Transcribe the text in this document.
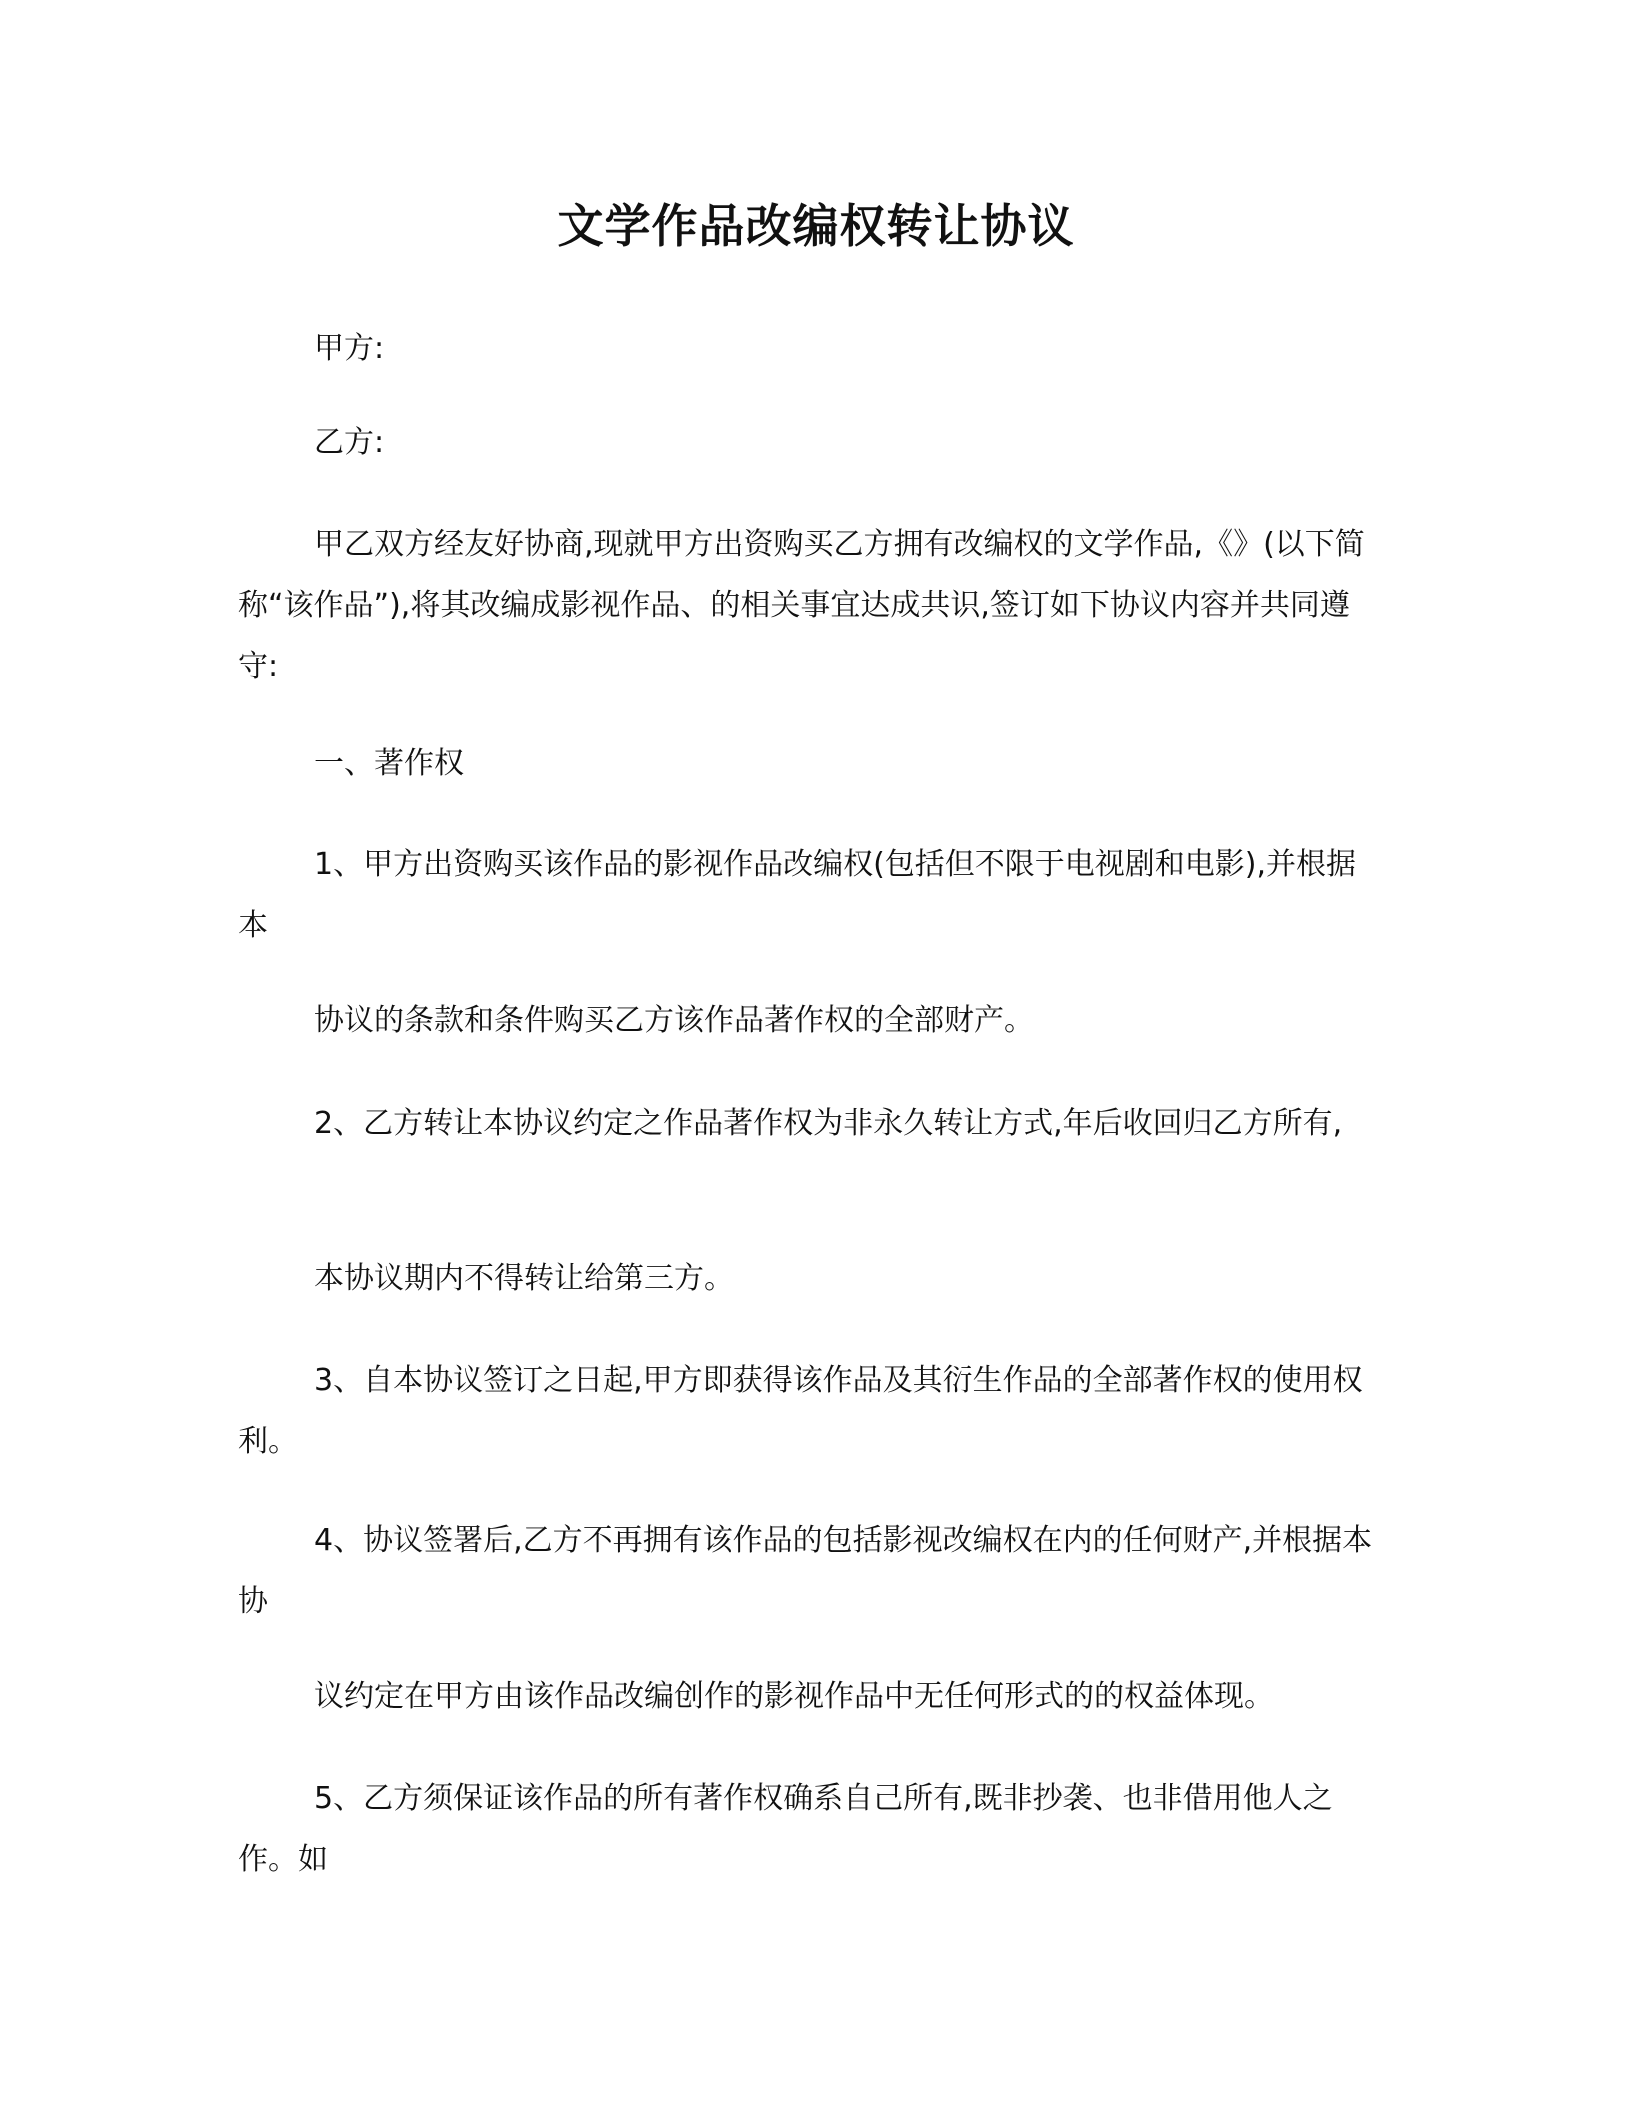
文学作品改编权转让协议

甲方:

乙方:

甲乙双方经友好协商,现就甲方出资购买乙方拥有改编权的文学作品,《》(以下简称“该作品”),将其改编成影视作品、的相关事宜达成共识,签订如下协议内容并共同遵守:

一、著作权

1、甲方出资购买该作品的影视作品改编权(包括但不限于电视剧和电影),并根据本

协议的条款和条件购买乙方该作品著作权的全部财产。

2、乙方转让本协议约定之作品著作权为非永久转让方式,年后收回归乙方所有,

本协议期内不得转让给第三方。

3、自本协议签订之日起,甲方即获得该作品及其衍生作品的全部著作权的使用权利。

4、协议签署后,乙方不再拥有该作品的包括影视改编权在内的任何财产,并根据本协

议约定在甲方由该作品改编创作的影视作品中无任何形式的的权益体现。

5、乙方须保证该作品的所有著作权确系自己所有,既非抄袭、也非借用他人之作。如
